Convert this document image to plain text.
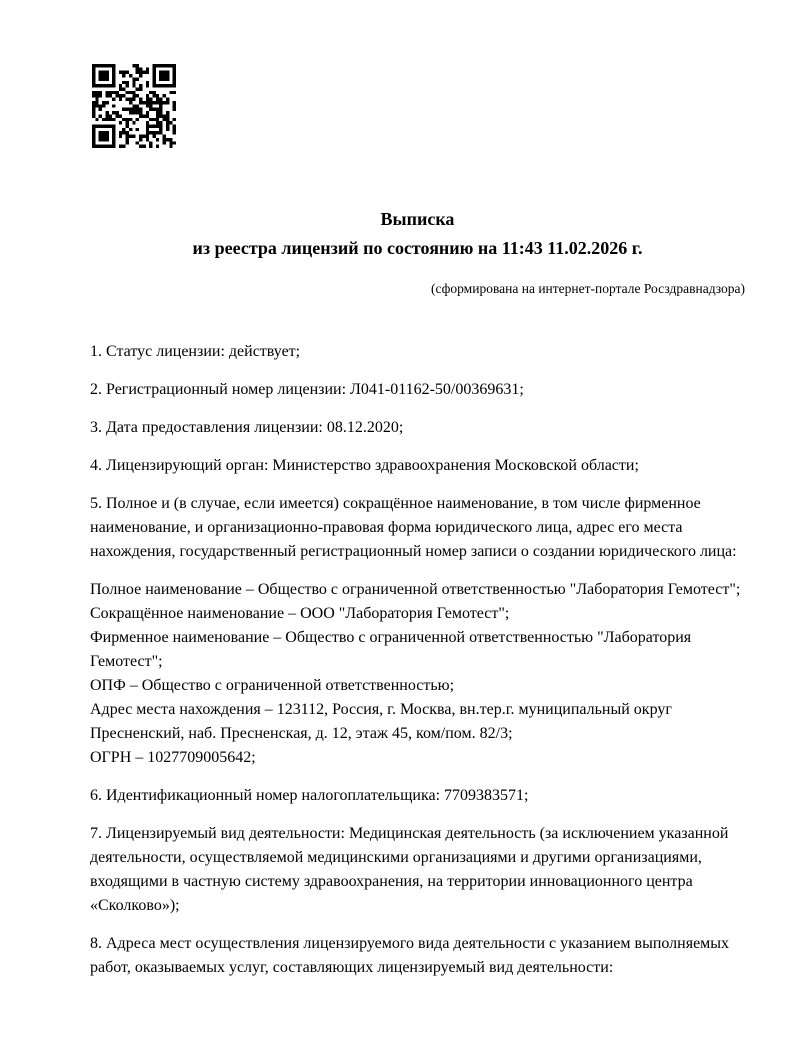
Выписка
из реестра лицензий по состоянию на 11:43 11.02.2026 г.
(сформирована на интернет-портале Росздравнадзора)

1. Статус лицензии: действует;

2. Регистрационный номер лицензии: Л041-01162-50/00369631;

3. Дата предоставления лицензии: 08.12.2020;

4. Лицензирующий орган: Министерство здравоохранения Московской области;

5. Полное и (в случае, если имеется) сокращённое наименование, в том числе фирменное наименование, и организационно-правовая форма юридического лица, адрес его места нахождения, государственный регистрационный номер записи о создании юридического лица:

Полное наименование – Общество с ограниченной ответственностью "Лаборатория Гемотест";
Сокращённое наименование – ООО "Лаборатория Гемотест";
Фирменное наименование – Общество с ограниченной ответственностью "Лаборатория Гемотест";
ОПФ – Общество с ограниченной ответственностью;
Адрес места нахождения – 123112, Россия, г. Москва, вн.тер.г. муниципальный округ Пресненский, наб. Пресненская, д. 12, этаж 45, ком/пом. 82/3;
ОГРН – 1027709005642;

6. Идентификационный номер налогоплательщика: 7709383571;

7. Лицензируемый вид деятельности: Медицинская деятельность (за исключением указанной деятельности, осуществляемой медицинскими организациями и другими организациями, входящими в частную систему здравоохранения, на территории инновационного центра «Сколково»);

8. Адреса мест осуществления лицензируемого вида деятельности с указанием выполняемых работ, оказываемых услуг, составляющих лицензируемый вид деятельности:
